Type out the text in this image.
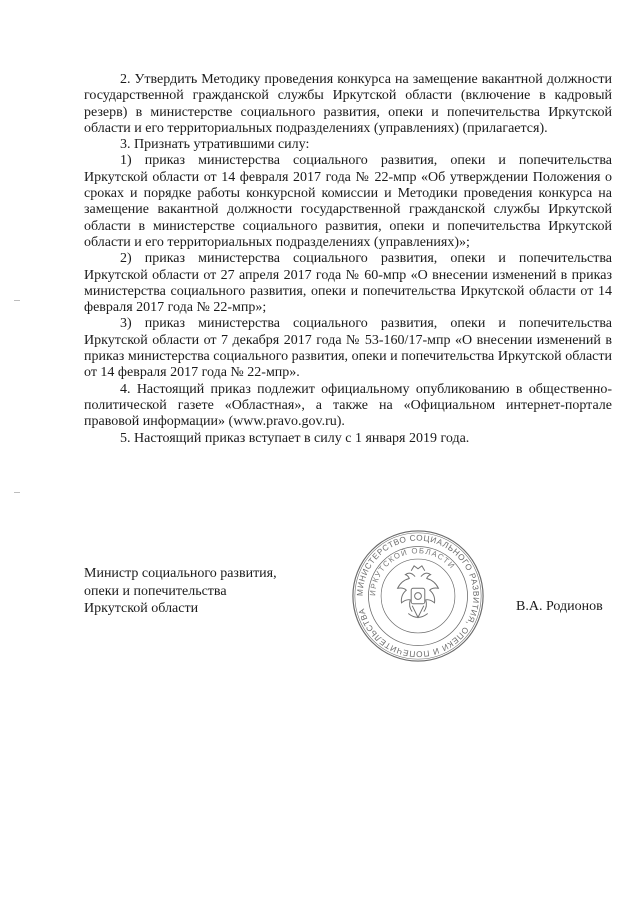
2. Утвердить Методику проведения конкурса на замещение вакантной должности государственной гражданской службы Иркутской области (включение в кадровый резерв) в министерстве социального развития, опеки и попечительства Иркутской области и его территориальных подразделениях (управлениях) (прилагается).

3. Признать утратившими силу:

1) приказ министерства социального развития, опеки и попечительства Иркутской области от 14 февраля 2017 года № 22-мпр «Об утверждении Положения о сроках и порядке работы конкурсной комиссии и Методики проведения конкурса на замещение вакантной должности государственной гражданской службы Иркутской области в министерстве социального развития, опеки и попечительства Иркутской области и его территориальных подразделениях (управлениях)»;

2) приказ министерства социального развития, опеки и попечительства Иркутской области от 27 апреля 2017 года № 60-мпр «О внесении изменений в приказ министерства социального развития, опеки и попечительства Иркутской области от 14 февраля 2017 года № 22-мпр»;

3) приказ министерства социального развития, опеки и попечительства Иркутской области от 7 декабря 2017 года № 53-160/17-мпр «О внесении изменений в приказ министерства социального развития, опеки и попечительства Иркутской области от 14 февраля 2017 года № 22-мпр».

4. Настоящий приказ подлежит официальному опубликованию в общественно-политической газете «Областная», а также на «Официальном интернет-портале правовой информации» (www.pravo.gov.ru).

5. Настоящий приказ вступает в силу с 1 января 2019 года.

Министр социального развития,
опеки и попечительства
Иркутской области	В.А. Родионов
МИНИСТЕРСТВО СОЦИАЛЬНОГО РАЗВИТИЯ, ОПЕКИ И ПОПЕЧИТЕЛЬСТВА
ИРКУТСКОЙ ОБЛАСТИ
